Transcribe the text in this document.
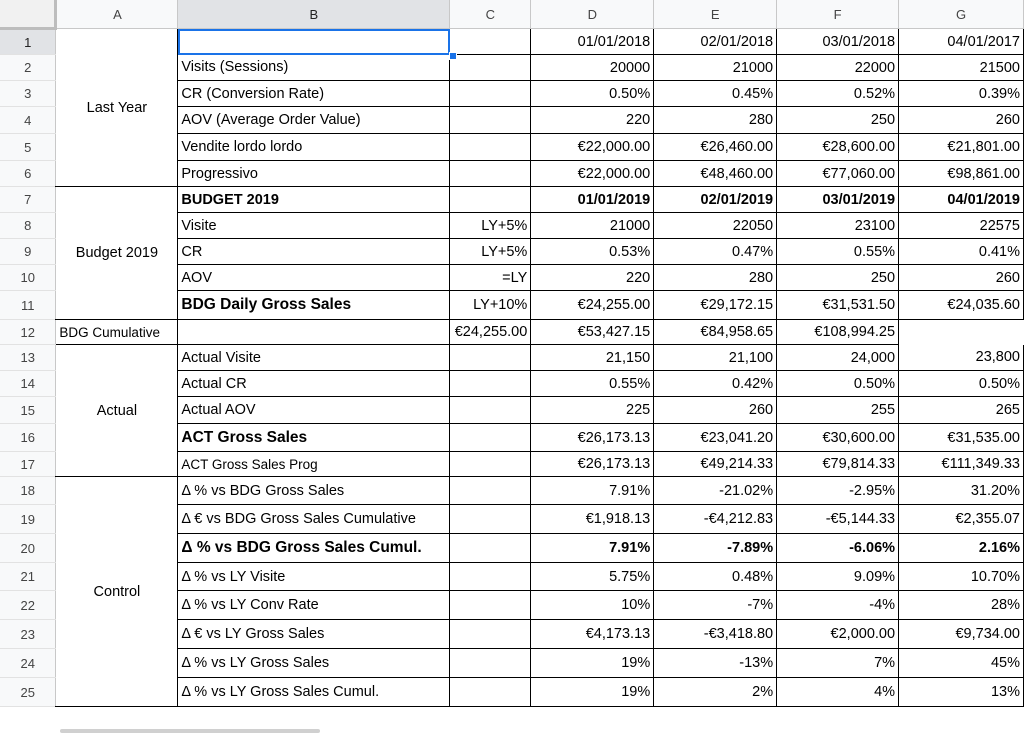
	A	B	C	D	E	F	G
1	Last Year			01/01/2018	02/01/2018	03/01/2018	04/01/2017
2		Visits (Sessions)		20000	21000	22000	21500
3		CR (Conversion Rate)		0.50%	0.45%	0.52%	0.39%
4		AOV (Average Order Value)		220	280	250	260
5		Vendite lordo lordo		€22,000.00	€26,460.00	€28,600.00	€21,801.00
6		Progressivo		€22,000.00	€48,460.00	€77,060.00	€98,861.00
7	Budget 2019	BUDGET 2019		01/01/2019	02/01/2019	03/01/2019	04/01/2019
8		Visite	LY+5%	21000	22050	23100	22575
9		CR	LY+5%	0.53%	0.47%	0.55%	0.41%
10		AOV	=LY	220	280	250	260
11		BDG Daily Gross Sales	LY+10%	€24,255.00	€29,172.15	€31,531.50	€24,035.60
12	BDG Cumulative		€24,255.00	€53,427.15	€84,958.65	€108,994.25	
13	Actual	Actual Visite		21,150	21,100	24,000	23,800
14		Actual CR		0.55%	0.42%	0.50%	0.50%
15		Actual AOV		225	260	255	265
16		ACT Gross Sales		€26,173.13	€23,041.20	€30,600.00	€31,535.00
17		ACT Gross Sales Prog		€26,173.13	€49,214.33	€79,814.33	€111,349.33
18	Control	Δ % vs BDG Gross Sales		7.91%	-21.02%	-2.95%	31.20%
19		Δ € vs BDG Gross Sales Cumulative		€1,918.13	-€4,212.83	-€5,144.33	€2,355.07
20		Δ % vs BDG Gross Sales Cumul.		7.91%	-7.89%	-6.06%	2.16%
21		Δ % vs LY Visite		5.75%	0.48%	9.09%	10.70%
22		Δ % vs LY Conv Rate		10%	-7%	-4%	28%
23		Δ € vs LY Gross Sales		€4,173.13	-€3,418.80	€2,000.00	€9,734.00
24		Δ % vs LY Gross Sales		19%	-13%	7%	45%
25		Δ % vs LY Gross Sales Cumul.		19%	2%	4%	13%
